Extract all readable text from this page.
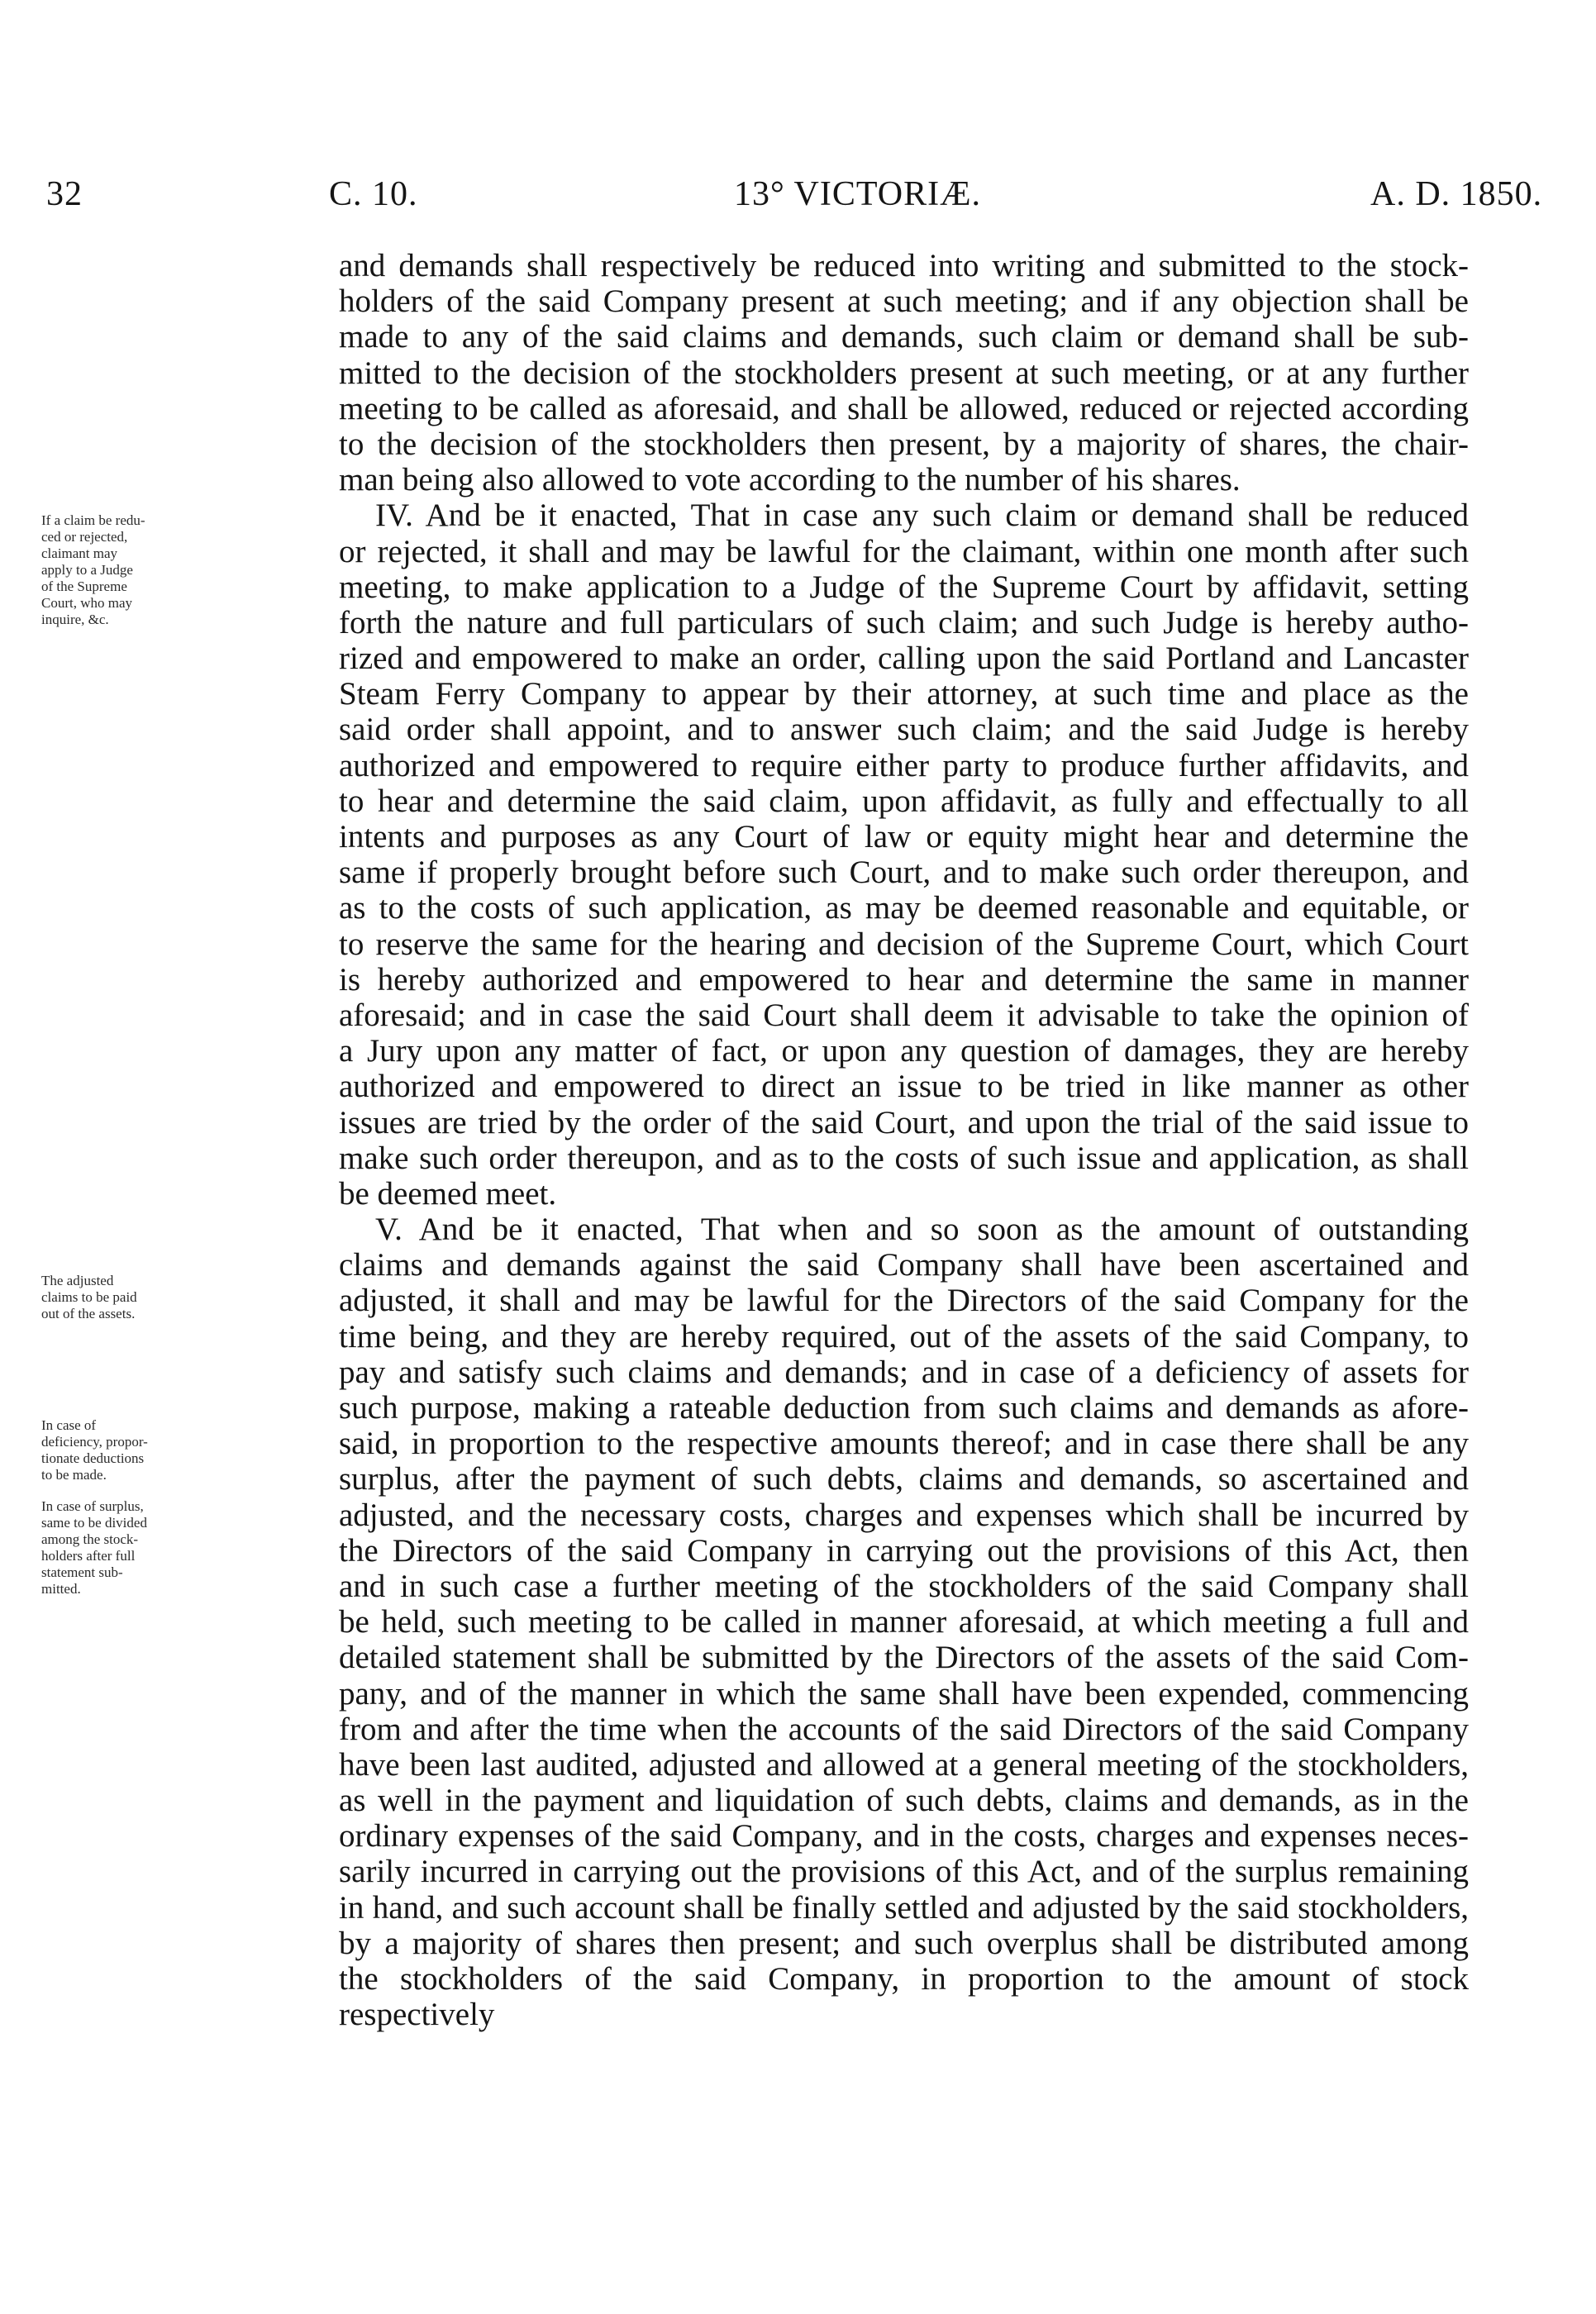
32	C. 10.	13° VICTORIÆ.	A. D. 1850.
If a claim be redu-
ced or rejected,
claimant may
apply to a Judge
of the Supreme
Court, who may
inquire, &c.
The adjusted
claims to be paid
out of the assets.
In case of
deficiency, propor-
tionate deductions
to be made.
In case of surplus,
same to be divided
among the stock-
holders after full
statement sub-
mitted.
and demands shall respectively be reduced into writing and submitted to the stock-
holders of the said Company present at such meeting; and if any objection shall be
made to any of the said claims and demands, such claim or demand shall be sub-
mitted to the decision of the stockholders present at such meeting, or at any further
meeting to be called as aforesaid, and shall be allowed, reduced or rejected according
to the decision of the stockholders then present, by a majority of shares, the chair-
man being also allowed to vote according to the number of his shares.
IV. And be it enacted, That in case any such claim or demand shall be reduced
or rejected, it shall and may be lawful for the claimant, within one month after such
meeting, to make application to a Judge of the Supreme Court by affidavit, setting
forth the nature and full particulars of such claim; and such Judge is hereby autho-
rized and empowered to make an order, calling upon the said Portland and Lancaster
Steam Ferry Company to appear by their attorney, at such time and place as the
said order shall appoint, and to answer such claim; and the said Judge is hereby
authorized and empowered to require either party to produce further affidavits, and
to hear and determine the said claim, upon affidavit, as fully and effectually to all
intents and purposes as any Court of law or equity might hear and determine the
same if properly brought before such Court, and to make such order thereupon, and
as to the costs of such application, as may be deemed reasonable and equitable, or
to reserve the same for the hearing and decision of the Supreme Court, which Court
is hereby authorized and empowered to hear and determine the same in manner
aforesaid; and in case the said Court shall deem it advisable to take the opinion of
a Jury upon any matter of fact, or upon any question of damages, they are hereby
authorized and empowered to direct an issue to be tried in like manner as other
issues are tried by the order of the said Court, and upon the trial of the said issue to
make such order thereupon, and as to the costs of such issue and application, as shall
be deemed meet.
V. And be it enacted, That when and so soon as the amount of outstanding
claims and demands against the said Company shall have been ascertained and
adjusted, it shall and may be lawful for the Directors of the said Company for the
time being, and they are hereby required, out of the assets of the said Company, to
pay and satisfy such claims and demands; and in case of a deficiency of assets for
such purpose, making a rateable deduction from such claims and demands as afore-
said, in proportion to the respective amounts thereof; and in case there shall be any
surplus, after the payment of such debts, claims and demands, so ascertained and
adjusted, and the necessary costs, charges and expenses which shall be incurred by
the Directors of the said Company in carrying out the provisions of this Act, then
and in such case a further meeting of the stockholders of the said Company shall
be held, such meeting to be called in manner aforesaid, at which meeting a full and
detailed statement shall be submitted by the Directors of the assets of the said Com-
pany, and of the manner in which the same shall have been expended, commencing
from and after the time when the accounts of the said Directors of the said Company
have been last audited, adjusted and allowed at a general meeting of the stockholders,
as well in the payment and liquidation of such debts, claims and demands, as in the
ordinary expenses of the said Company, and in the costs, charges and expenses neces-
sarily incurred in carrying out the provisions of this Act, and of the surplus remaining
in hand, and such account shall be finally settled and adjusted by the said stockholders,
by a majority of shares then present; and such overplus shall be distributed among
the stockholders of the said Company, in proportion to the amount of stock
respectively
